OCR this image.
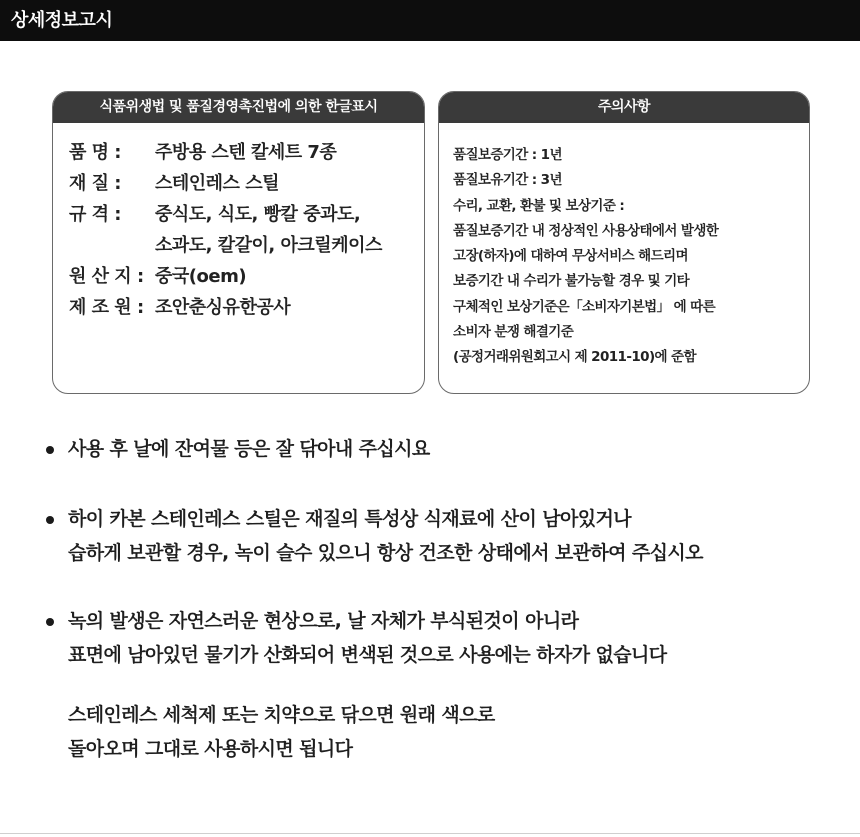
상세정보고시
식품위생법 및 품질경영촉진법에 의한 한글표시
품 명 :	주방용 스텐 칼세트 7종
재 질 :	스테인레스 스틸
규 격 :	중식도, 식도, 빵칼 중과도,
소과도, 칼갈이, 아크릴케이스
원 산 지 : 중국(oem)
제 조 원 : 조안춘싱유한공사
주의사항
품질보증기간 : 1년
품질보유기간 : 3년
수리, 교환, 환불 및 보상기준 :
품질보증기간 내 정상적인 사용상태에서 발생한
고장(하자)에 대하여 무상서비스 해드리며
보증기간 내 수리가 불가능할 경우 및 기타
구체적인 보상기준은「소비자기본법」 에 따른
소비자 분쟁 해결기준
(공정거래위원회고시 제 2011-10)에 준함
사용 후 날에 잔여물 등은 잘 닦아내 주십시요
하이 카본 스테인레스 스틸은 재질의 특성상 식재료에 산이 남아있거나
습하게 보관할 경우, 녹이 슬수 있으니 항상 건조한 상태에서 보관하여 주십시오
녹의 발생은 자연스러운 현상으로, 날 자체가 부식된것이 아니라
표면에 남아있던 물기가 산화되어 변색된 것으로 사용에는 하자가 없습니다
스테인레스 세척제 또는 치약으로 닦으면 원래 색으로
돌아오며 그대로 사용하시면 됩니다
